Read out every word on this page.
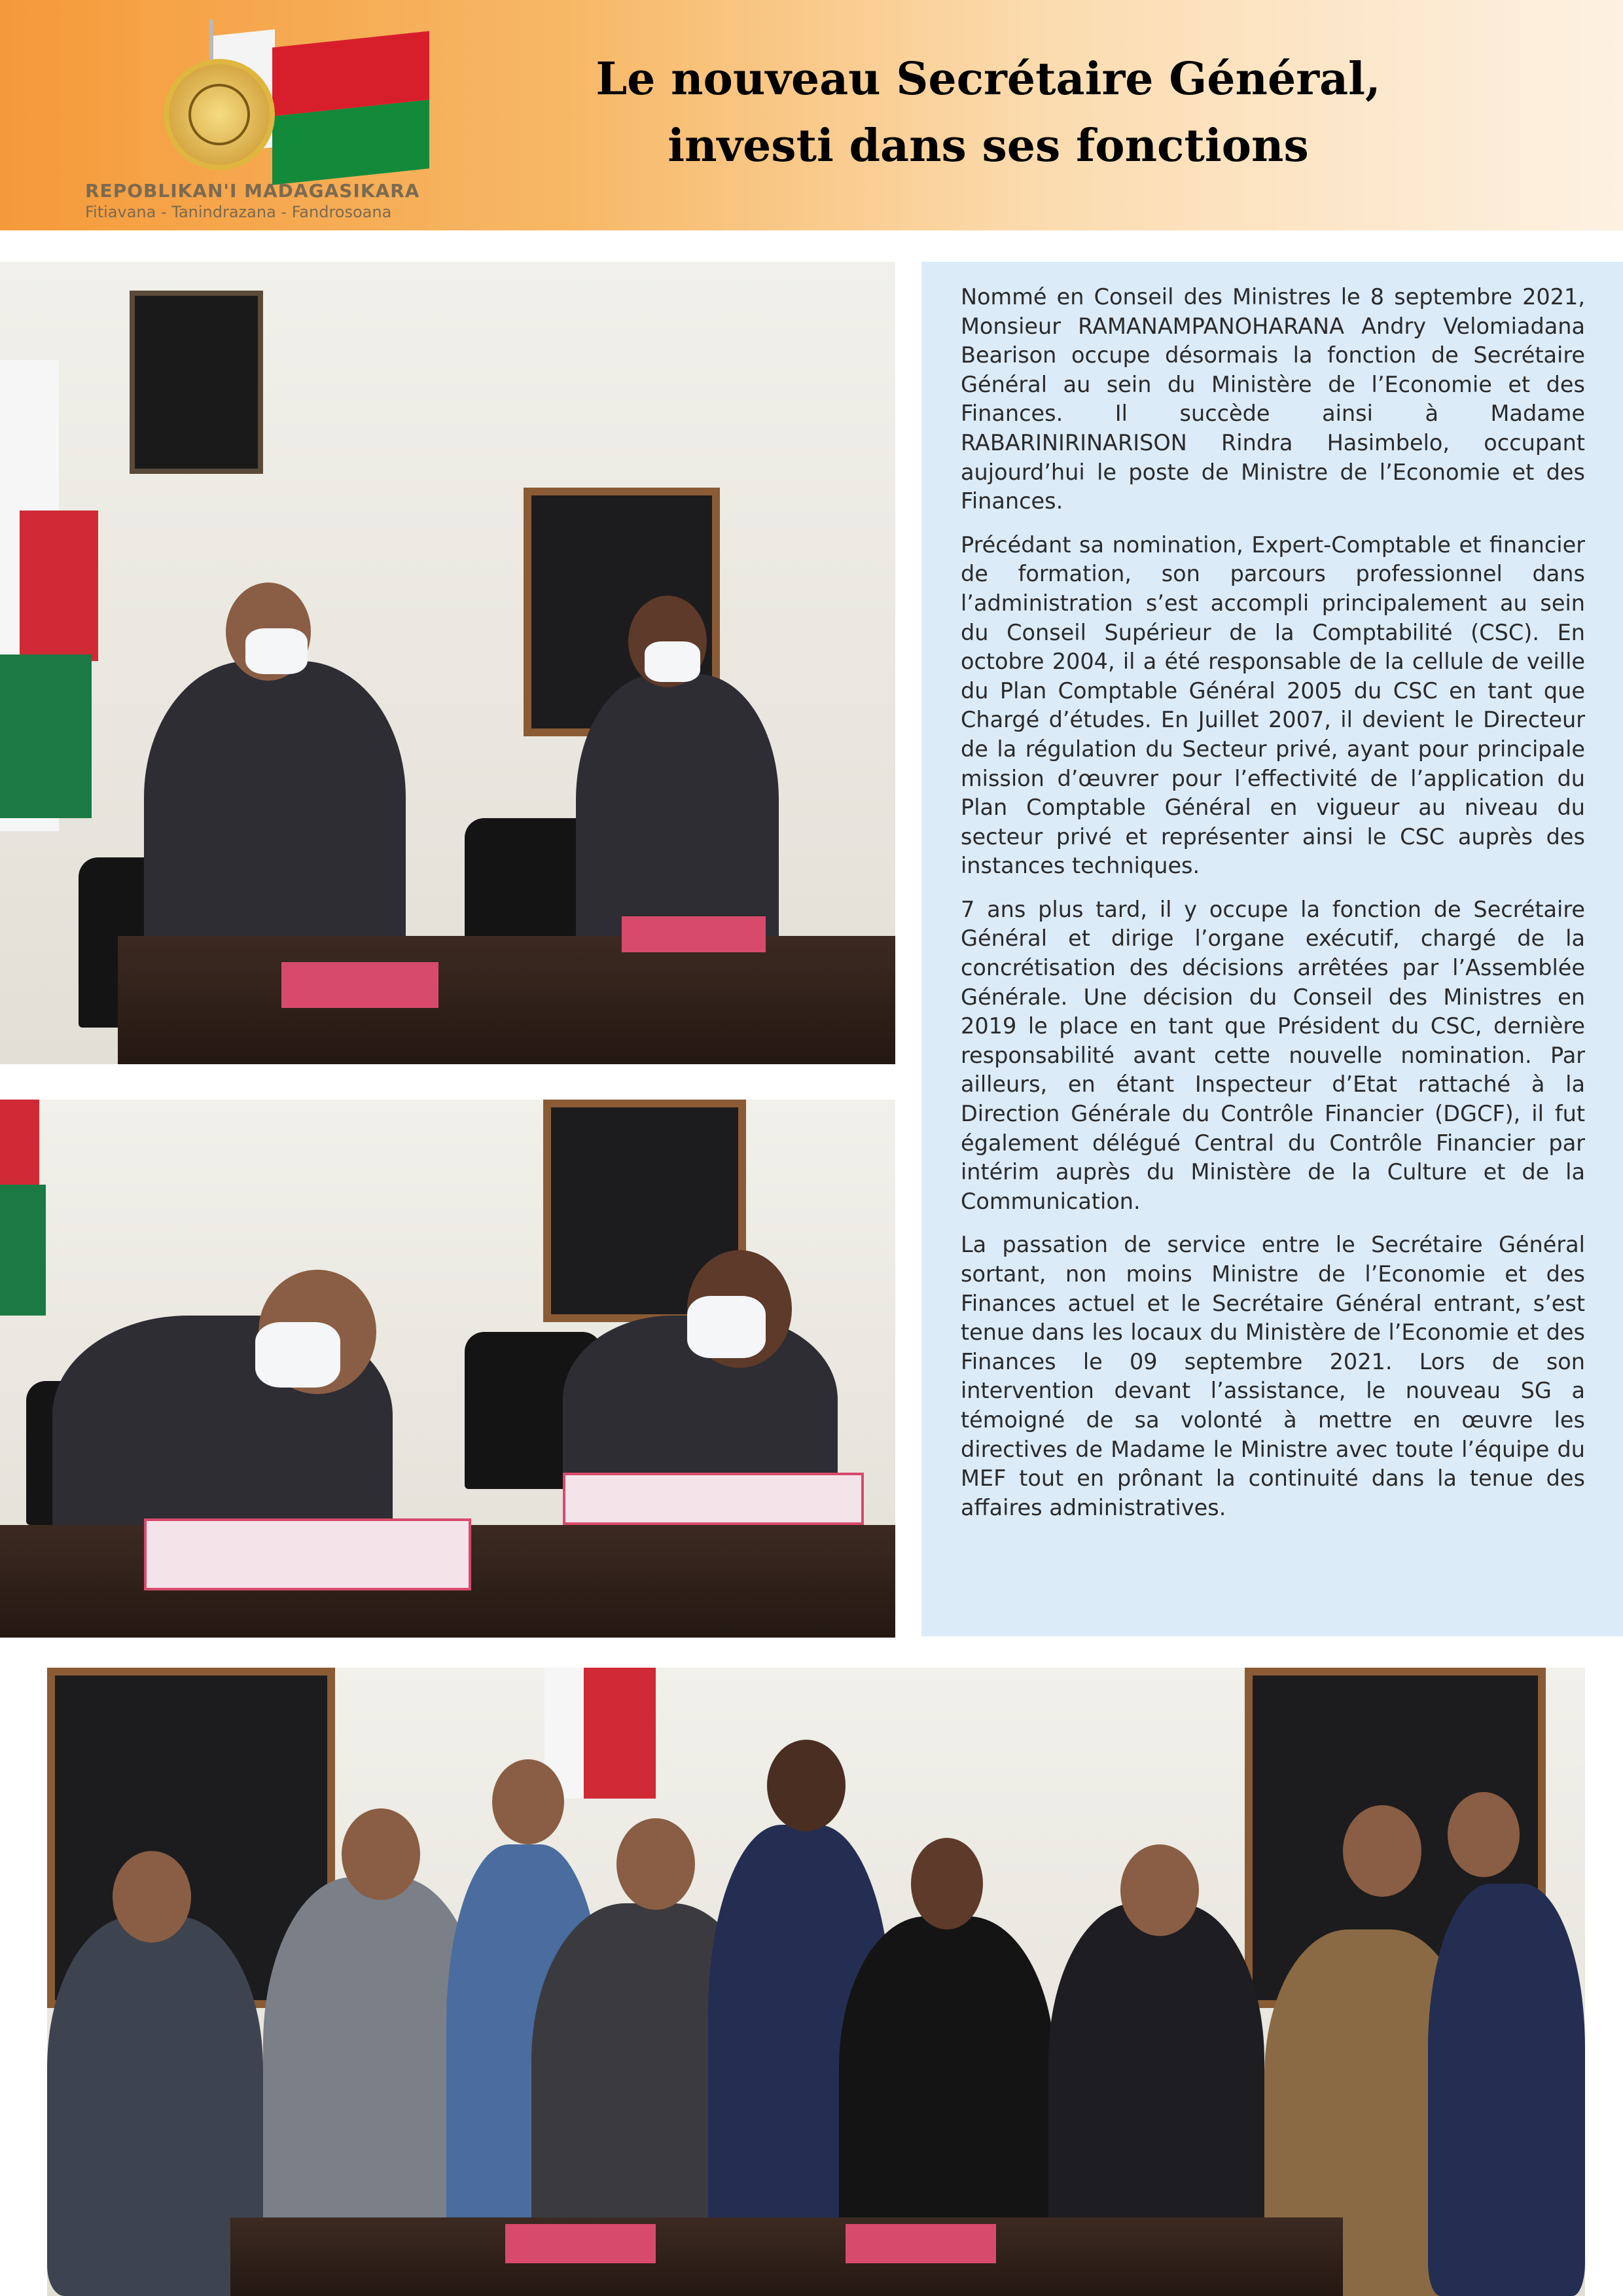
REPOBLIKAN'I MADAGASIKARA
Fitiavana - Tanindrazana - Fandrosoana
Le nouveau Secrétaire Général,
investi dans ses fonctions

Nommé en Conseil des Ministres le 8 septembre 2021, Monsieur RAMANAMPANOHARANA Andry Velomiadana Bearison occupe désormais la fonction de Secrétaire Général au sein du Ministère de l’Economie et des Finances. Il succède ainsi à Madame RABARINIRINARISON Rindra Hasimbelo, occupant aujourd’hui le poste de Ministre de l’Economie et des Finances.

Précédant sa nomination, Expert-Comptable et financier de formation, son parcours professionnel dans l’administration s’est accompli principalement au sein du Conseil Supérieur de la Comptabilité (CSC). En octobre 2004, il a été responsable de la cellule de veille du Plan Comptable Général 2005 du CSC en tant que Chargé d’études. En Juillet 2007, il devient le Directeur de la régulation du Secteur privé, ayant pour principale mission d’œuvrer pour l’effectivité de l’application du Plan Comptable Général en vigueur au niveau du secteur privé et représenter ainsi le CSC auprès des instances techniques.

7 ans plus tard, il y occupe la fonction de Secrétaire Général et dirige l’organe exécutif, chargé de la concrétisation des décisions arrêtées par l’Assemblée Générale. Une décision du Conseil des Ministres en 2019 le place en tant que Président du CSC, dernière responsabilité avant cette nouvelle nomination. Par ailleurs, en étant Inspecteur d’Etat rattaché à la Direction Générale du Contrôle Financier (DGCF), il fut également délégué Central du Contrôle Financier par intérim auprès du Ministère de la Culture et de la Communication.

La passation de service entre le Secrétaire Général sortant, non moins Ministre de l’Economie et des Finances actuel et le Secrétaire Général entrant, s’est tenue dans les locaux du Ministère de l’Economie et des Finances le 09 septembre 2021. Lors de son intervention devant l’assistance, le nouveau SG a témoigné de sa volonté à mettre en œuvre les directives de Madame le Ministre avec toute l’équipe du MEF tout en prônant la continuité dans la tenue des affaires administratives.
